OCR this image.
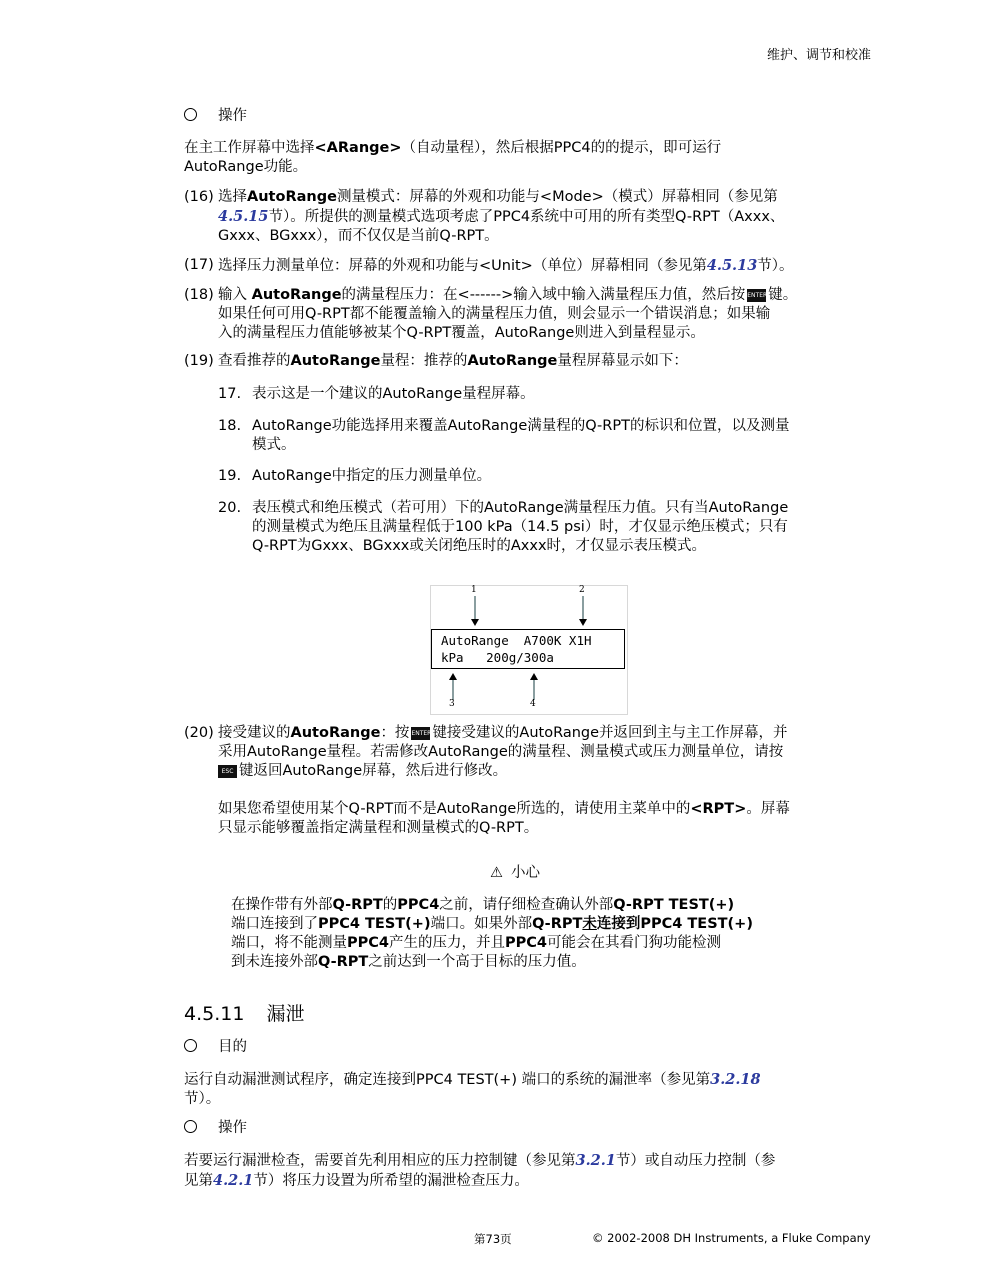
维护、调节和校准
操作
在主工作屏幕中选择<ARange>（自动量程），然后根据PPC4的的提示，即可运行
AutoRange功能。
(16) 选择AutoRange测量模式：屏幕的外观和功能与<Mode>（模式）屏幕相同（参见第
4.5.15节）。所提供的测量模式选项考虑了PPC4系统中可用的所有类型Q-RPT（Axxx、
Gxxx、BGxxx），而不仅仅是当前Q-RPT。
(17) 选择压力测量单位：屏幕的外观和功能与<Unit>（单位）屏幕相同（参见第4.5.13节）。
(18) 输入 AutoRange的满量程压力：在<------>输入域中输入满量程压力值，然后按 ENTER键。
如果任何可用Q-RPT都不能覆盖输入的满量程压力值，则会显示一个错误消息；如果输
入的满量程压力值能够被某个Q-RPT覆盖，AutoRange则进入到量程显示。
(19) 查看推荐的AutoRange量程：推荐的AutoRange量程屏幕显示如下：
17. 表示这是一个建议的AutoRange量程屏幕。
18. AutoRange功能选择用来覆盖AutoRange满量程的Q-RPT的标识和位置，以及测量
模式。
19. AutoRange中指定的压力测量单位。
20. 表压模式和绝压模式（若可用）下的AutoRange满量程压力值。只有当AutoRange
的测量模式为绝压且满量程低于100 kPa（14.5 psi）时，才仅显示绝压模式；只有
Q-RPT为Gxxx、BGxxx或关闭绝压时的Axxx时，才仅显示表压模式。
1	2
AutoRange  A700K X1H
kPa   200g/300a
3	4
(20) 接受建议的AutoRange：按 ENTER键接受建议的AutoRange并返回到主与主工作屏幕，并
采用AutoRange量程。若需修改AutoRange的满量程、测量模式或压力测量单位，请按
ESC 键返回AutoRange屏幕，然后进行修改。
如果您希望使用某个Q-RPT而不是AutoRange所选的，请使用主菜单中的<RPT>。屏幕
只显示能够覆盖指定满量程和测量模式的Q-RPT。
⚠ 小心
在操作带有外部Q-RPT的PPC4之前，请仔细检查确认外部Q-RPT TEST(+)
端口连接到了PPC4 TEST(+)端口。如果外部Q-RPT未连接到PPC4 TEST(+)
端口，将不能测量PPC4产生的压力，并且PPC4可能会在其看门狗功能检测
到未连接外部Q-RPT之前达到一个高于目标的压力值。
4.5.11 漏泄
目的
运行自动漏泄测试程序，确定连接到PPC4 TEST(+) 端口的系统的漏泄率（参见第3.2.18
节）。
操作
若要运行漏泄检查，需要首先利用相应的压力控制键（参见第3.2.1节）或自动压力控制（参
见第4.2.1节）将压力设置为所希望的漏泄检查压力。
第73页	© 2002-2008 DH Instruments, a Fluke Company
